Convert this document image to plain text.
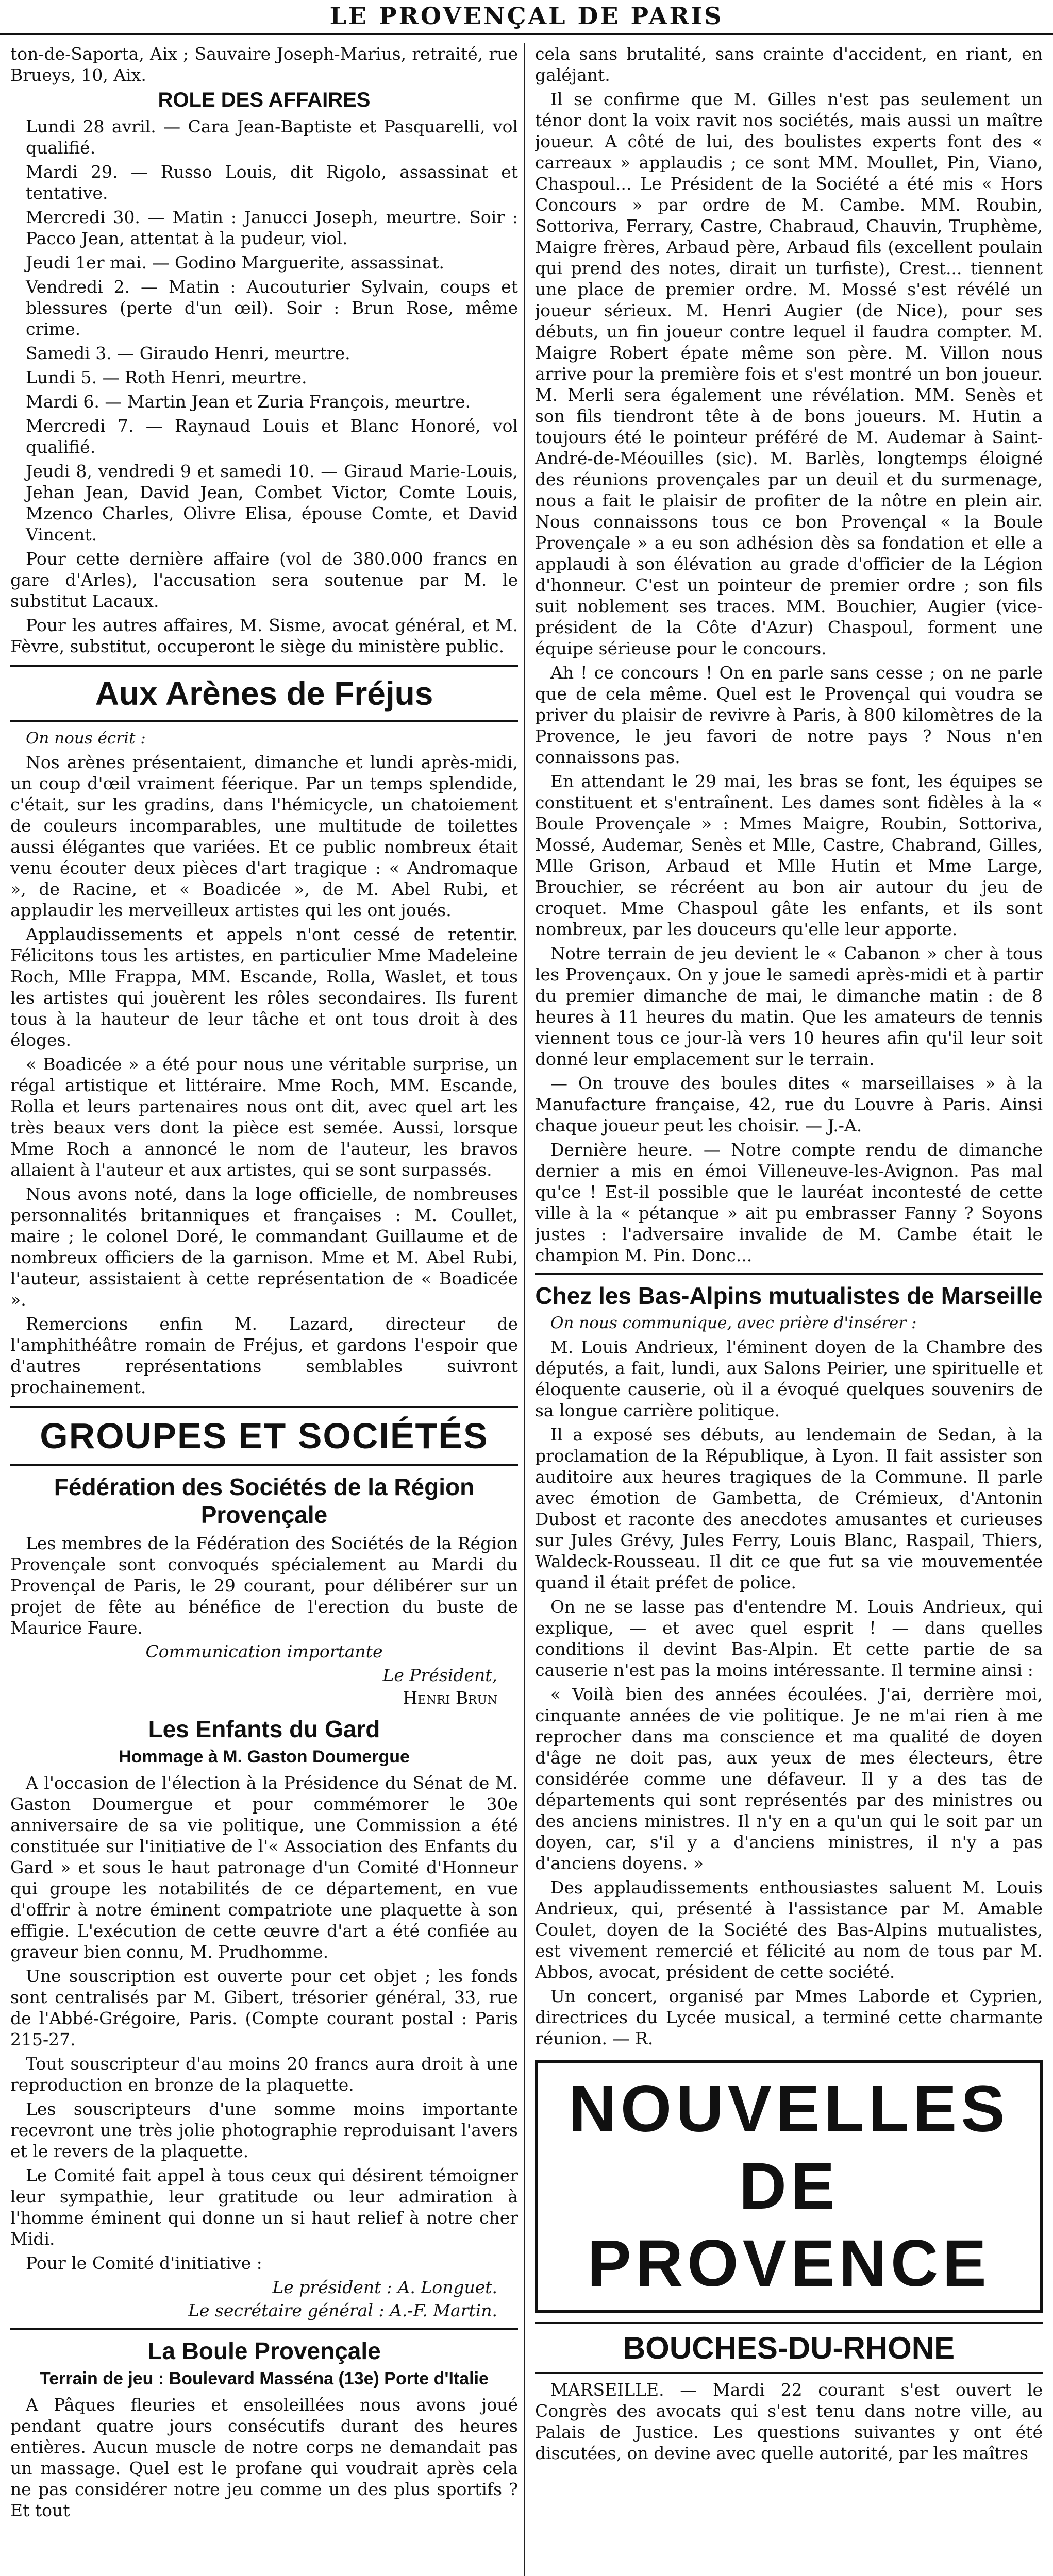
LE PROVENÇAL DE PARIS

ton-de-Saporta, Aix ; Sauvaire Joseph-Marius, retraité, rue Brueys, 10, Aix.

ROLE DES AFFAIRES

Lundi 28 avril. — Cara Jean-Baptiste et Pasquarelli, vol qualifié.

Mardi 29. — Russo Louis, dit Rigolo, assassinat et tentative.

Mercredi 30. — Matin : Janucci Joseph, meurtre. Soir : Pacco Jean, attentat à la pudeur, viol.

Jeudi 1er mai. — Godino Marguerite, assassinat.

Vendredi 2. — Matin : Aucouturier Sylvain, coups et blessures (perte d'un œil). Soir : Brun Rose, même crime.

Samedi 3. — Giraudo Henri, meurtre.

Lundi 5. — Roth Henri, meurtre.

Mardi 6. — Martin Jean et Zuria François, meurtre.

Mercredi 7. — Raynaud Louis et Blanc Honoré, vol qualifié.

Jeudi 8, vendredi 9 et samedi 10. — Giraud Marie-Louis, Jehan Jean, David Jean, Combet Victor, Comte Louis, Mzenco Charles, Olivre Elisa, épouse Comte, et David Vincent.

Pour cette dernière affaire (vol de 380.000 francs en gare d'Arles), l'accusation sera soutenue par M. le substitut Lacaux.

Pour les autres affaires, M. Sisme, avocat général, et M. Fèvre, substitut, occuperont le siège du ministère public.

Aux Arènes de Fréjus
On nous écrit :

Nos arènes présentaient, dimanche et lundi après-midi, un coup d'œil vraiment féerique. Par un temps splendide, c'était, sur les gradins, dans l'hémicycle, un chatoiement de couleurs incomparables, une multitude de toilettes aussi élégantes que variées. Et ce public nombreux était venu écouter deux pièces d'art tragique : « Andromaque », de Racine, et « Boadicée », de M. Abel Rubi, et applaudir les merveilleux artistes qui les ont joués.

Applaudissements et appels n'ont cessé de retentir. Félicitons tous les artistes, en particulier Mme Madeleine Roch, Mlle Frappa, MM. Escande, Rolla, Waslet, et tous les artistes qui jouèrent les rôles secondaires. Ils furent tous à la hauteur de leur tâche et ont tous droit à des éloges.

« Boadicée » a été pour nous une véritable surprise, un régal artistique et littéraire. Mme Roch, MM. Escande, Rolla et leurs partenaires nous ont dit, avec quel art les très beaux vers dont la pièce est semée. Aussi, lorsque Mme Roch a annoncé le nom de l'auteur, les bravos allaient à l'auteur et aux artistes, qui se sont surpassés.

Nous avons noté, dans la loge officielle, de nombreuses personnalités britanniques et françaises : M. Coullet, maire ; le colonel Doré, le commandant Guillaume et de nombreux officiers de la garnison. Mme et M. Abel Rubi, l'auteur, assistaient à cette représentation de « Boadicée ».

Remercions enfin M. Lazard, directeur de l'amphithéâtre romain de Fréjus, et gardons l'espoir que d'autres représentations semblables suivront prochainement.

GROUPES ET SOCIÉTÉS
Fédération des Sociétés de la Région Provençale

Les membres de la Fédération des Sociétés de la Région Provençale sont convoqués spécialement au Mardi du Provençal de Paris, le 29 courant, pour délibérer sur un projet de fête au bénéfice de l'erection du buste de Maurice Faure.

Communication importante
Le Président,
Henri Brun
Les Enfants du Gard
Hommage à M. Gaston Doumergue

A l'occasion de l'élection à la Présidence du Sénat de M. Gaston Doumergue et pour commémorer le 30e anniversaire de sa vie politique, une Commission a été constituée sur l'initiative de l'« Association des Enfants du Gard » et sous le haut patronage d'un Comité d'Honneur qui groupe les notabilités de ce département, en vue d'offrir à notre éminent compatriote une plaquette à son effigie. L'exécution de cette œuvre d'art a été confiée au graveur bien connu, M. Prudhomme.

Une souscription est ouverte pour cet objet ; les fonds sont centralisés par M. Gibert, trésorier général, 33, rue de l'Abbé-Grégoire, Paris. (Compte courant postal : Paris 215-27.

Tout souscripteur d'au moins 20 francs aura droit à une reproduction en bronze de la plaquette.

Les souscripteurs d'une somme moins importante recevront une très jolie photographie reproduisant l'avers et le revers de la plaquette.

Le Comité fait appel à tous ceux qui désirent témoigner leur sympathie, leur gratitude ou leur admiration à l'homme éminent qui donne un si haut relief à notre cher Midi.

Pour le Comité d'initiative :

Le président : A. Longuet.
Le secrétaire général : A.-F. Martin.
La Boule Provençale
Terrain de jeu : Boulevard Masséna (13e) Porte d'Italie

A Pâques fleuries et ensoleillées nous avons joué pendant quatre jours consécutifs durant des heures entières. Aucun muscle de notre corps ne demandait pas un massage. Quel est le profane qui voudrait après cela ne pas considérer notre jeu comme un des plus sportifs ? Et tout

cela sans brutalité, sans crainte d'accident, en riant, en galéjant.

Il se confirme que M. Gilles n'est pas seulement un ténor dont la voix ravit nos sociétés, mais aussi un maître joueur. A côté de lui, des boulistes experts font des « carreaux » applaudis ; ce sont MM. Moullet, Pin, Viano, Chaspoul... Le Président de la Société a été mis « Hors Concours » par ordre de M. Cambe. MM. Roubin, Sottoriva, Ferrary, Castre, Chabraud, Chauvin, Truphème, Maigre frères, Arbaud père, Arbaud fils (excellent poulain qui prend des notes, dirait un turfiste), Crest... tiennent une place de premier ordre. M. Mossé s'est révélé un joueur sérieux. M. Henri Augier (de Nice), pour ses débuts, un fin joueur contre lequel il faudra compter. M. Maigre Robert épate même son père. M. Villon nous arrive pour la première fois et s'est montré un bon joueur. M. Merli sera également une révélation. MM. Senès et son fils tiendront tête à de bons joueurs. M. Hutin a toujours été le pointeur préféré de M. Audemar à Saint-André-de-Méouilles (sic). M. Barlès, longtemps éloigné des réunions provençales par un deuil et du surmenage, nous a fait le plaisir de profiter de la nôtre en plein air. Nous connaissons tous ce bon Provençal « la Boule Provençale » a eu son adhésion dès sa fondation et elle a applaudi à son élévation au grade d'officier de la Légion d'honneur. C'est un pointeur de premier ordre ; son fils suit noblement ses traces. MM. Bouchier, Augier (vice-président de la Côte d'Azur) Chaspoul, forment une équipe sérieuse pour le concours.

Ah ! ce concours ! On en parle sans cesse ; on ne parle que de cela même. Quel est le Provençal qui voudra se priver du plaisir de revivre à Paris, à 800 kilomètres de la Provence, le jeu favori de notre pays ? Nous n'en connaissons pas.

En attendant le 29 mai, les bras se font, les équipes se constituent et s'entraînent. Les dames sont fidèles à la « Boule Provençale » : Mmes Maigre, Roubin, Sottoriva, Mossé, Audemar, Senès et Mlle, Castre, Chabrand, Gilles, Mlle Grison, Arbaud et Mlle Hutin et Mme Large, Brouchier, se récréent au bon air autour du jeu de croquet. Mme Chaspoul gâte les enfants, et ils sont nombreux, par les douceurs qu'elle leur apporte.

Notre terrain de jeu devient le « Cabanon » cher à tous les Provençaux. On y joue le samedi après-midi et à partir du premier dimanche de mai, le dimanche matin : de 8 heures à 11 heures du matin. Que les amateurs de tennis viennent tous ce jour-là vers 10 heures afin qu'il leur soit donné leur emplacement sur le terrain.

— On trouve des boules dites « marseillaises » à la Manufacture française, 42, rue du Louvre à Paris. Ainsi chaque joueur peut les choisir. — J.-A.

Dernière heure. — Notre compte rendu de dimanche dernier a mis en émoi Villeneuve-les-Avignon. Pas mal qu'ce ! Est-il possible que le lauréat incontesté de cette ville à la « pétanque » ait pu embrasser Fanny ? Soyons justes : l'adversaire invalide de M. Cambe était le champion M. Pin. Donc...

Chez les Bas-Alpins mutualistes de Marseille
On nous communique, avec prière d'insérer :

M. Louis Andrieux, l'éminent doyen de la Chambre des députés, a fait, lundi, aux Salons Peirier, une spirituelle et éloquente causerie, où il a évoqué quelques souvenirs de sa longue carrière politique.

Il a exposé ses débuts, au lendemain de Sedan, à la proclamation de la République, à Lyon. Il fait assister son auditoire aux heures tragiques de la Commune. Il parle avec émotion de Gambetta, de Crémieux, d'Antonin Dubost et raconte des anecdotes amusantes et curieuses sur Jules Grévy, Jules Ferry, Louis Blanc, Raspail, Thiers, Waldeck-Rousseau. Il dit ce que fut sa vie mouvementée quand il était préfet de police.

On ne se lasse pas d'entendre M. Louis Andrieux, qui explique, — et avec quel esprit ! — dans quelles conditions il devint Bas-Alpin. Et cette partie de sa causerie n'est pas la moins intéressante. Il termine ainsi :

« Voilà bien des années écoulées. J'ai, derrière moi, cinquante années de vie politique. Je ne m'ai rien à me reprocher dans ma conscience et ma qualité de doyen d'âge ne doit pas, aux yeux de mes électeurs, être considérée comme une défaveur. Il y a des tas de départements qui sont représentés par des ministres ou des anciens ministres. Il n'y en a qu'un qui le soit par un doyen, car, s'il y a d'anciens ministres, il n'y a pas d'anciens doyens. »

Des applaudissements enthousiastes saluent M. Louis Andrieux, qui, présenté à l'assistance par M. Amable Coulet, doyen de la Société des Bas-Alpins mutualistes, est vivement remercié et félicité au nom de tous par M. Abbos, avocat, président de cette société.

Un concert, organisé par Mmes Laborde et Cyprien, directrices du Lycée musical, a terminé cette charmante réunion. — R.

NOUVELLES
DE PROVENCE
BOUCHES-DU-RHONE

MARSEILLE. — Mardi 22 courant s'est ouvert le Congrès des avocats qui s'est tenu dans notre ville, au Palais de Justice. Les questions suivantes y ont été discutées, on devine avec quelle autorité, par les maîtres
